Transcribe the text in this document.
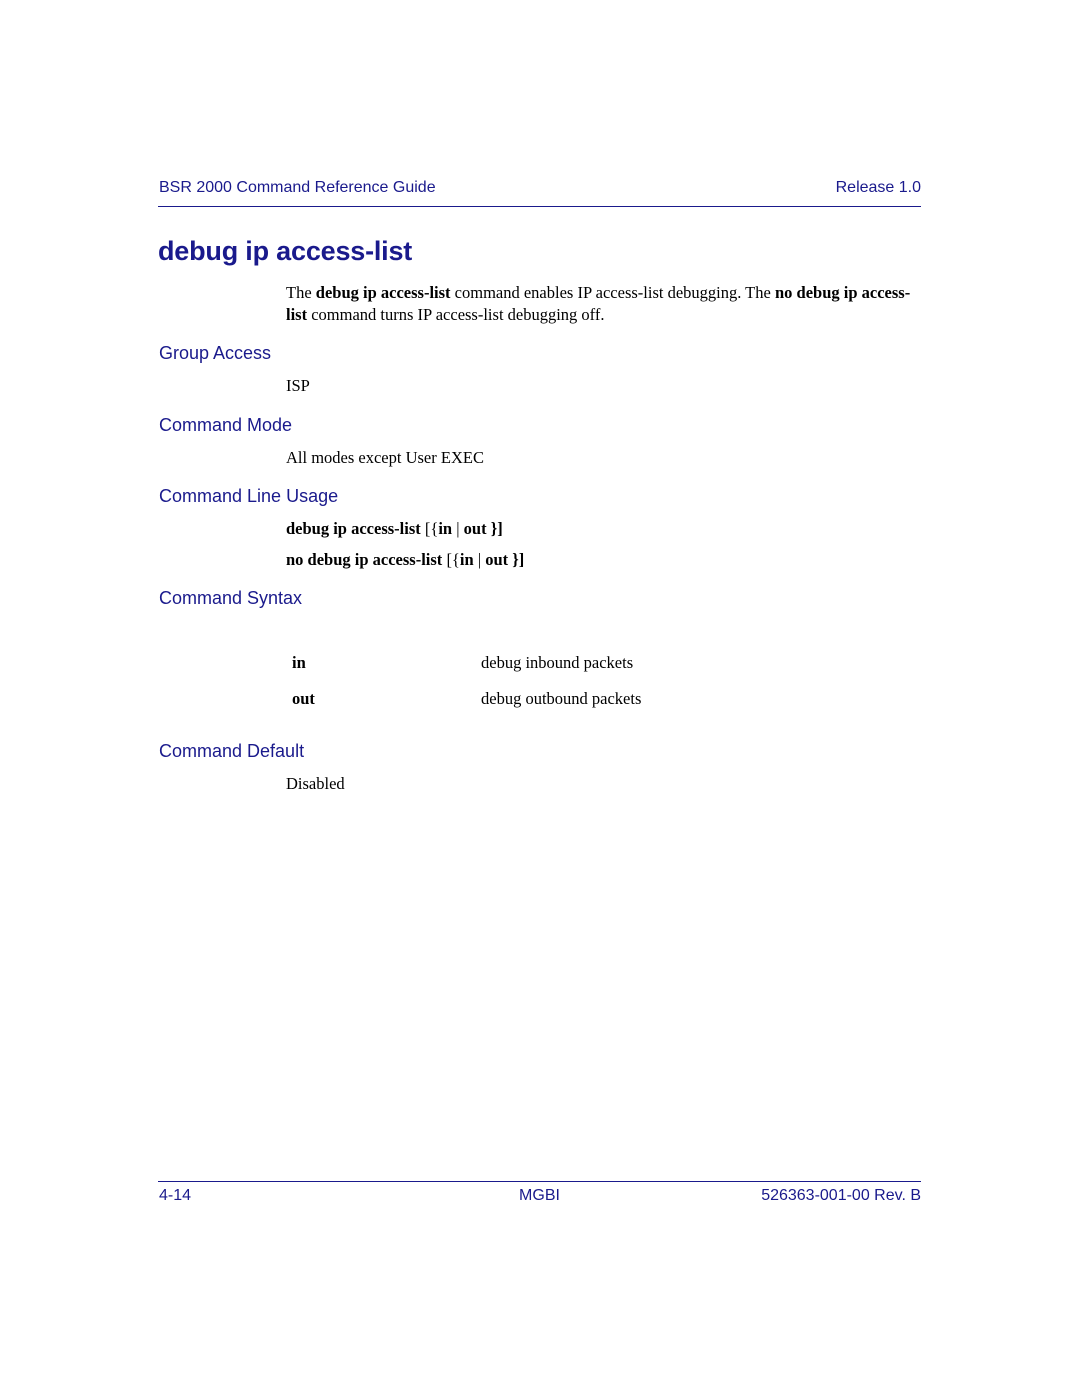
BSR 2000 Command Reference Guide	Release 1.0
debug ip access-list
The debug ip access-list command enables IP access-list debugging. The no debug ip access-list command turns IP access-list debugging off.
Group Access
ISP
Command Mode
All modes except User EXEC
Command Line Usage
debug ip access-list [{in | out }]
no debug ip access-list [{in | out }]
Command Syntax
in	debug inbound packets
out	debug outbound packets
Command Default
Disabled
4-14	MGBI	526363-001-00 Rev. B
